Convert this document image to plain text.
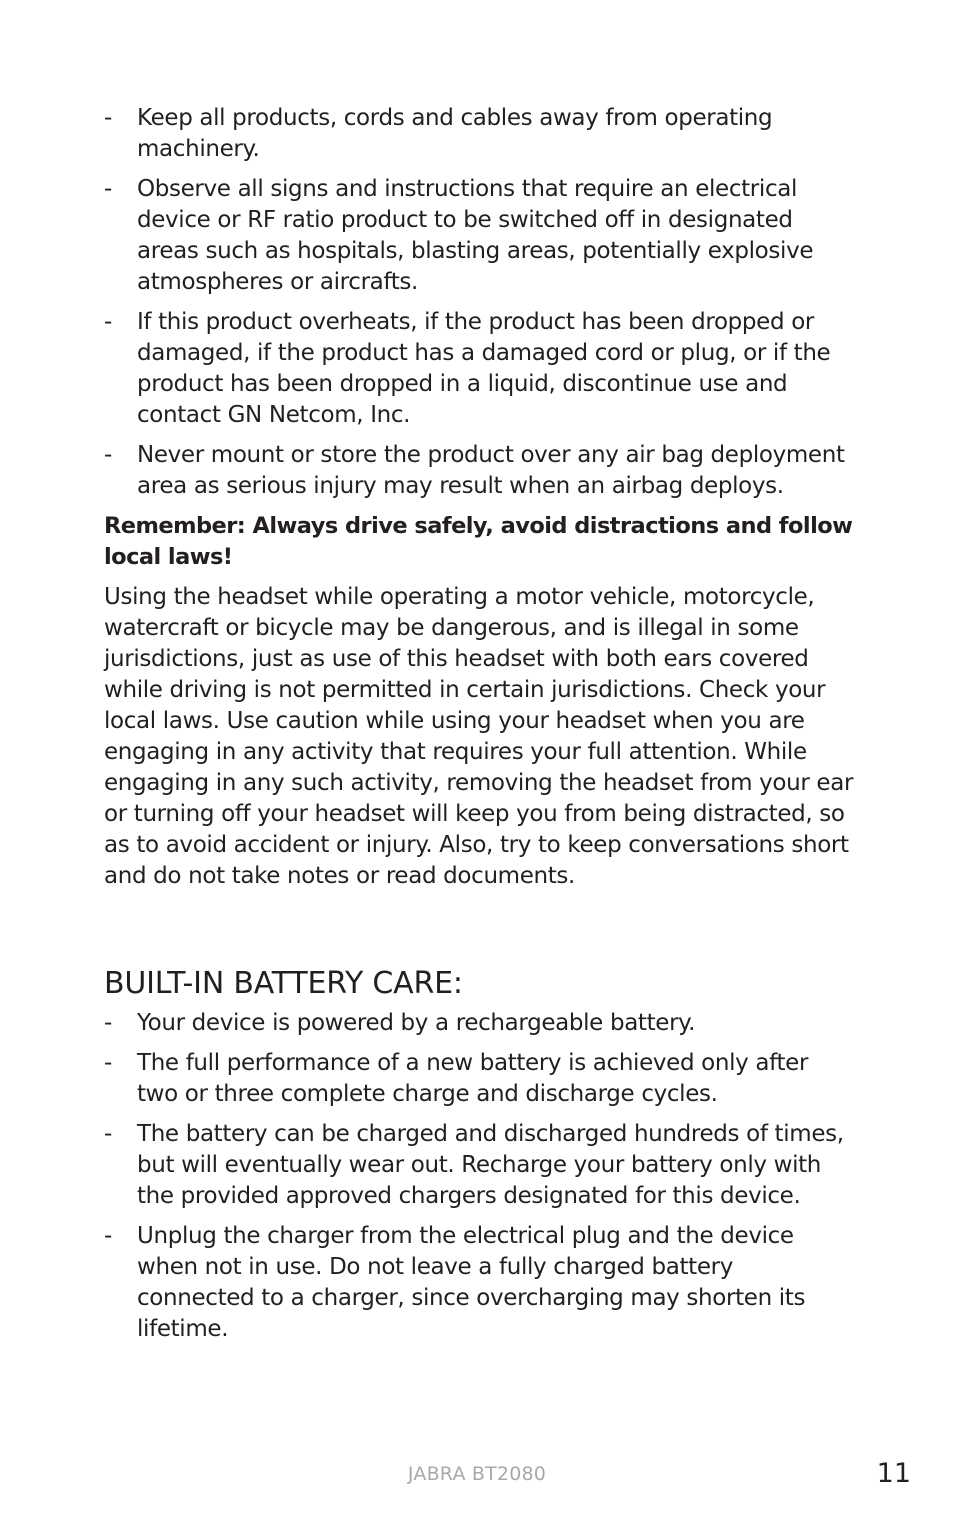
- Keep all products, cords and cables away from operating machinery.
- Observe all signs and instructions that require an electrical device or RF ratio product to be switched off in designated areas such as hospitals, blasting areas, potentially explosive atmospheres or aircrafts.
- If this product overheats, if the product has been dropped or damaged, if the product has a damaged cord or plug, or if the product has been dropped in a liquid, discontinue use and contact GN Netcom, Inc.
- Never mount or store the product over any air bag deployment area as serious injury may result when an airbag deploys.

Remember: Always drive safely, avoid distractions and follow local laws!

Using the headset while operating a motor vehicle, motorcycle, watercraft or bicycle may be dangerous, and is illegal in some jurisdictions, just as use of this headset with both ears covered while driving is not permitted in certain jurisdictions. Check your local laws. Use caution while using your headset when you are engaging in any activity that requires your full attention. While engaging in any such activity, removing the headset from your ear or turning off your headset will keep you from being distracted, so as to avoid accident or injury. Also, try to keep conversations short and do not take notes or read documents.

BUILT-IN BATTERY CARE:
- Your device is powered by a rechargeable battery.
- The full performance of a new battery is achieved only after two or three complete charge and discharge cycles.
- The battery can be charged and discharged hundreds of times, but will eventually wear out. Recharge your battery only with the provided approved chargers designated for this device.
- Unplug the charger from the electrical plug and the device when not in use. Do not leave a fully charged battery connected to a charger, since overcharging may shorten its lifetime.
JABRA BT2080	11
